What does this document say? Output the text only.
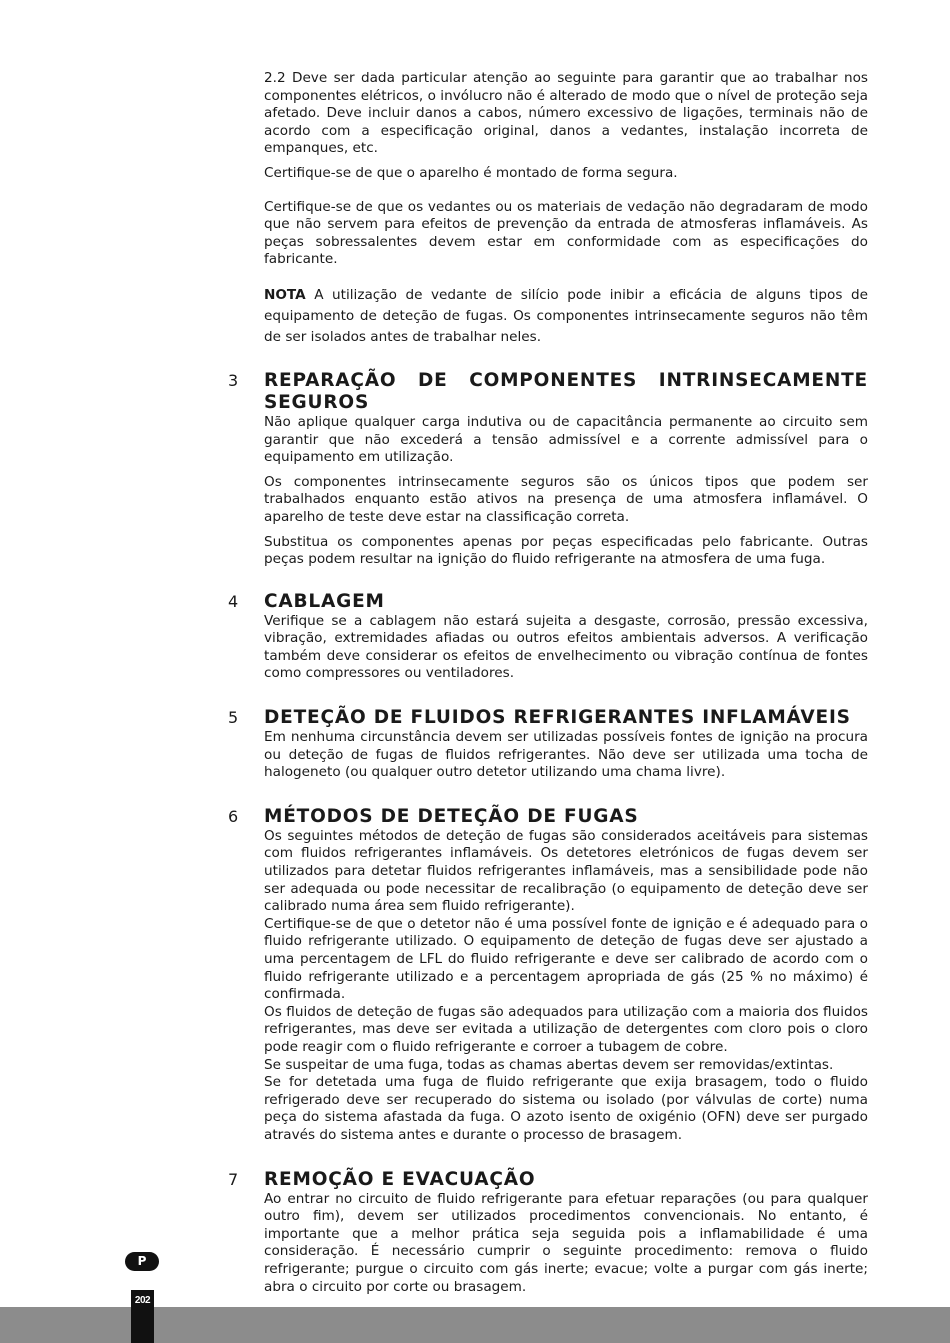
2.2 Deve ser dada particular atenção ao seguinte para garantir que ao trabalhar nos componentes elétricos, o invólucro não é alterado de modo que o nível de proteção seja afetado. Deve incluir danos a cabos, número excessivo de ligações, terminais não de acordo com a especificação original, danos a vedantes, instalação incorreta de empanques, etc.

Certifique-se de que o aparelho é montado de forma segura.

Certifique-se de que os vedantes ou os materiais de vedação não degradaram de modo que não servem para efeitos de prevenção da entrada de atmosferas inflamáveis. As peças sobressalentes devem estar em conformidade com as especificações do fabricante.

NOTA A utilização de vedante de silício pode inibir a eficácia de alguns tipos de equipamento de deteção de fugas. Os componentes intrinsecamente seguros não têm de ser isolados antes de trabalhar neles.

3 REPARAÇÃO DE COMPONENTES INTRINSECAMENTE SEGUROS

Não aplique qualquer carga indutiva ou de capacitância permanente ao circuito sem garantir que não excederá a tensão admissível e a corrente admissível para o equipamento em utilização.

Os componentes intrinsecamente seguros são os únicos tipos que podem ser trabalhados enquanto estão ativos na presença de uma atmosfera inflamável. O aparelho de teste deve estar na classificação correta.

Substitua os componentes apenas por peças especificadas pelo fabricante. Outras peças podem resultar na ignição do fluido refrigerante na atmosfera de uma fuga.

4 CABLAGEM

Verifique se a cablagem não estará sujeita a desgaste, corrosão, pressão excessiva, vibração, extremidades afiadas ou outros efeitos ambientais adversos. A verificação também deve considerar os efeitos de envelhecimento ou vibração contínua de fontes como compressores ou ventiladores.

5 DETEÇÃO DE FLUIDOS REFRIGERANTES INFLAMÁVEIS

Em nenhuma circunstância devem ser utilizadas possíveis fontes de ignição na procura ou deteção de fugas de fluidos refrigerantes. Não deve ser utilizada uma tocha de halogeneto (ou qualquer outro detetor utilizando uma chama livre).

6 MÉTODOS DE DETEÇÃO DE FUGAS

Os seguintes métodos de deteção de fugas são considerados aceitáveis para sistemas com fluidos refrigerantes inflamáveis. Os detetores eletrónicos de fugas devem ser utilizados para detetar fluidos refrigerantes inflamáveis, mas a sensibilidade pode não ser adequada ou pode necessitar de recalibração (o equipamento de deteção deve ser calibrado numa área sem fluido refrigerante).

Certifique-se de que o detetor não é uma possível fonte de ignição e é adequado para o fluido refrigerante utilizado. O equipamento de deteção de fugas deve ser ajustado a uma percentagem de LFL do fluido refrigerante e deve ser calibrado de acordo com o fluido refrigerante utilizado e a percentagem apropriada de gás (25 % no máximo) é confirmada.

Os fluidos de deteção de fugas são adequados para utilização com a maioria dos fluidos refrigerantes, mas deve ser evitada a utilização de detergentes com cloro pois o cloro pode reagir com o fluido refrigerante e corroer a tubagem de cobre.

Se suspeitar de uma fuga, todas as chamas abertas devem ser removidas/extintas.

Se for detetada uma fuga de fluido refrigerante que exija brasagem, todo o fluido refrigerado deve ser recuperado do sistema ou isolado (por válvulas de corte) numa peça do sistema afastada da fuga. O azoto isento de oxigénio (OFN) deve ser purgado através do sistema antes e durante o processo de brasagem.

7 REMOÇÃO E EVACUAÇÃO

Ao entrar no circuito de fluido refrigerante para efetuar reparações (ou para qualquer outro fim), devem ser utilizados procedimentos convencionais. No entanto, é importante que a melhor prática seja seguida pois a inflamabilidade é uma consideração. É necessário cumprir o seguinte procedimento: remova o fluido refrigerante; purgue o circuito com gás inerte; evacue; volte a purgar com gás inerte; abra o circuito por corte ou brasagem.

P
202
